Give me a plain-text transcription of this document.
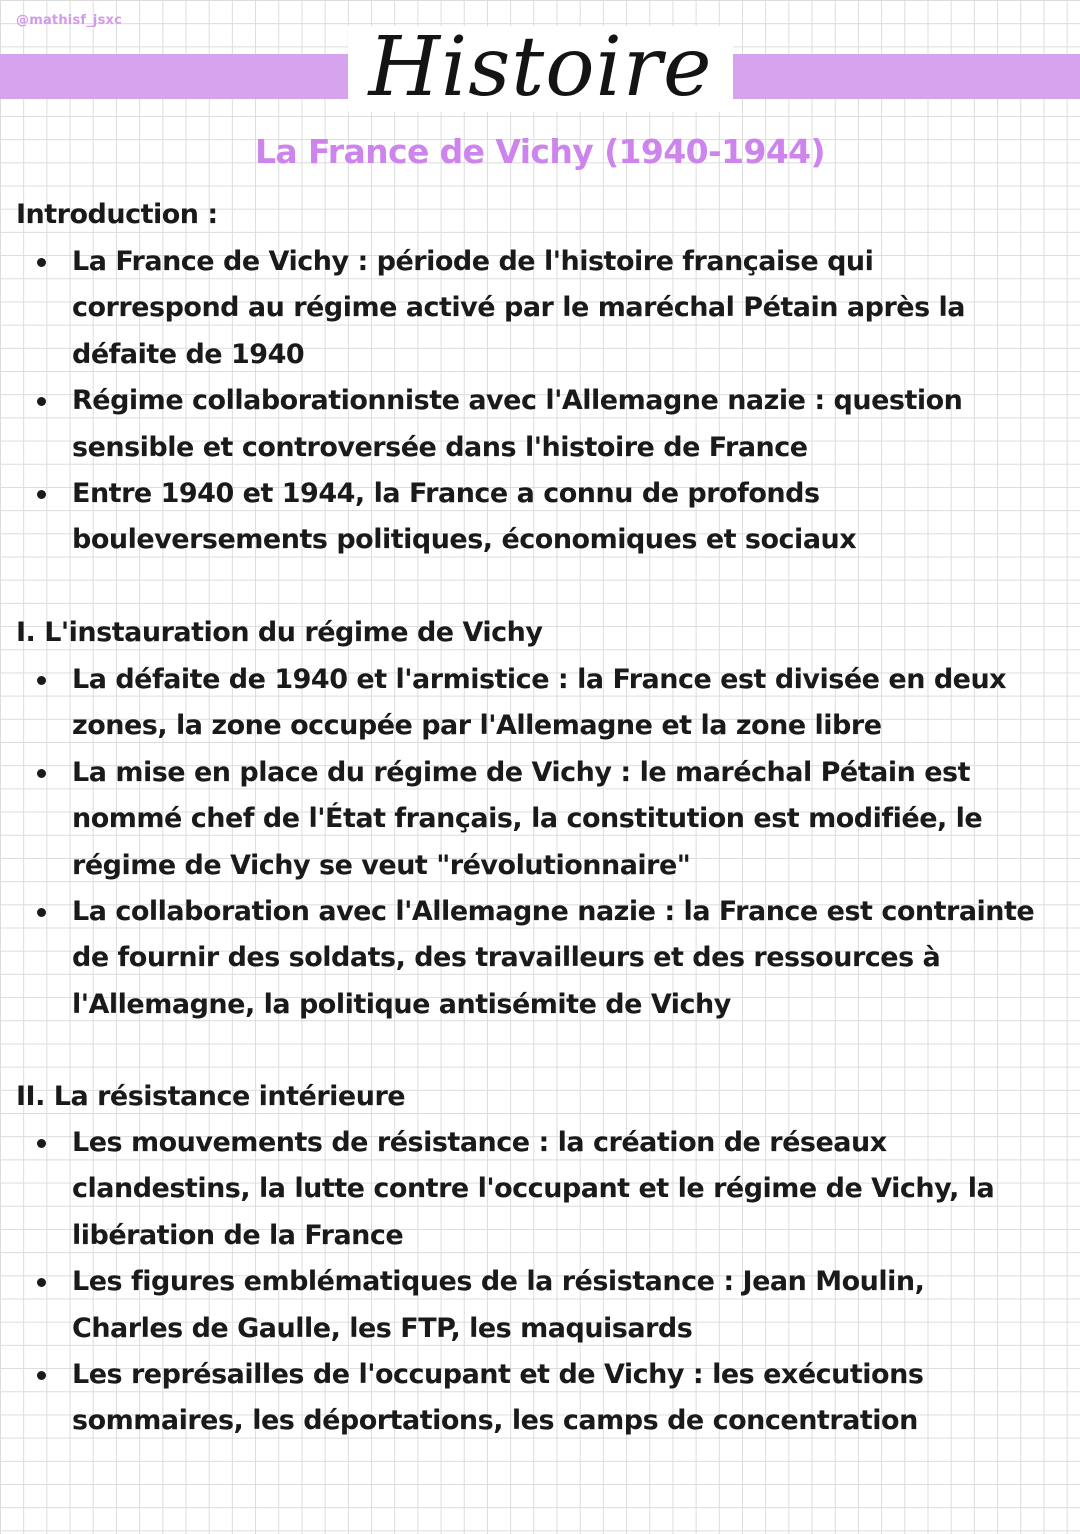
@mathisf_jsxc	Histoire
La France de Vichy (1940-1944)
Introduction :
La France de Vichy : période de l'histoire française qui correspond au régime activé par le maréchal Pétain après la défaite de 1940
Régime collaborationniste avec l'Allemagne nazie : question sensible et controversée dans l'histoire de France
Entre 1940 et 1944, la France a connu de profonds bouleversements politiques, économiques et sociaux
I. L'instauration du régime de Vichy
La défaite de 1940 et l'armistice : la France est divisée en deux zones, la zone occupée par l'Allemagne et la zone libre
La mise en place du régime de Vichy : le maréchal Pétain est nommé chef de l'État français, la constitution est modifiée, le régime de Vichy se veut "révolutionnaire"
La collaboration avec l'Allemagne nazie : la France est contrainte de fournir des soldats, des travailleurs et des ressources à l'Allemagne, la politique antisémite de Vichy
II. La résistance intérieure
Les mouvements de résistance : la création de réseaux clandestins, la lutte contre l'occupant et le régime de Vichy, la libération de la France
Les figures emblématiques de la résistance : Jean Moulin, Charles de Gaulle, les FTP, les maquisards
Les représailles de l'occupant et de Vichy : les exécutions sommaires, les déportations, les camps de concentration
